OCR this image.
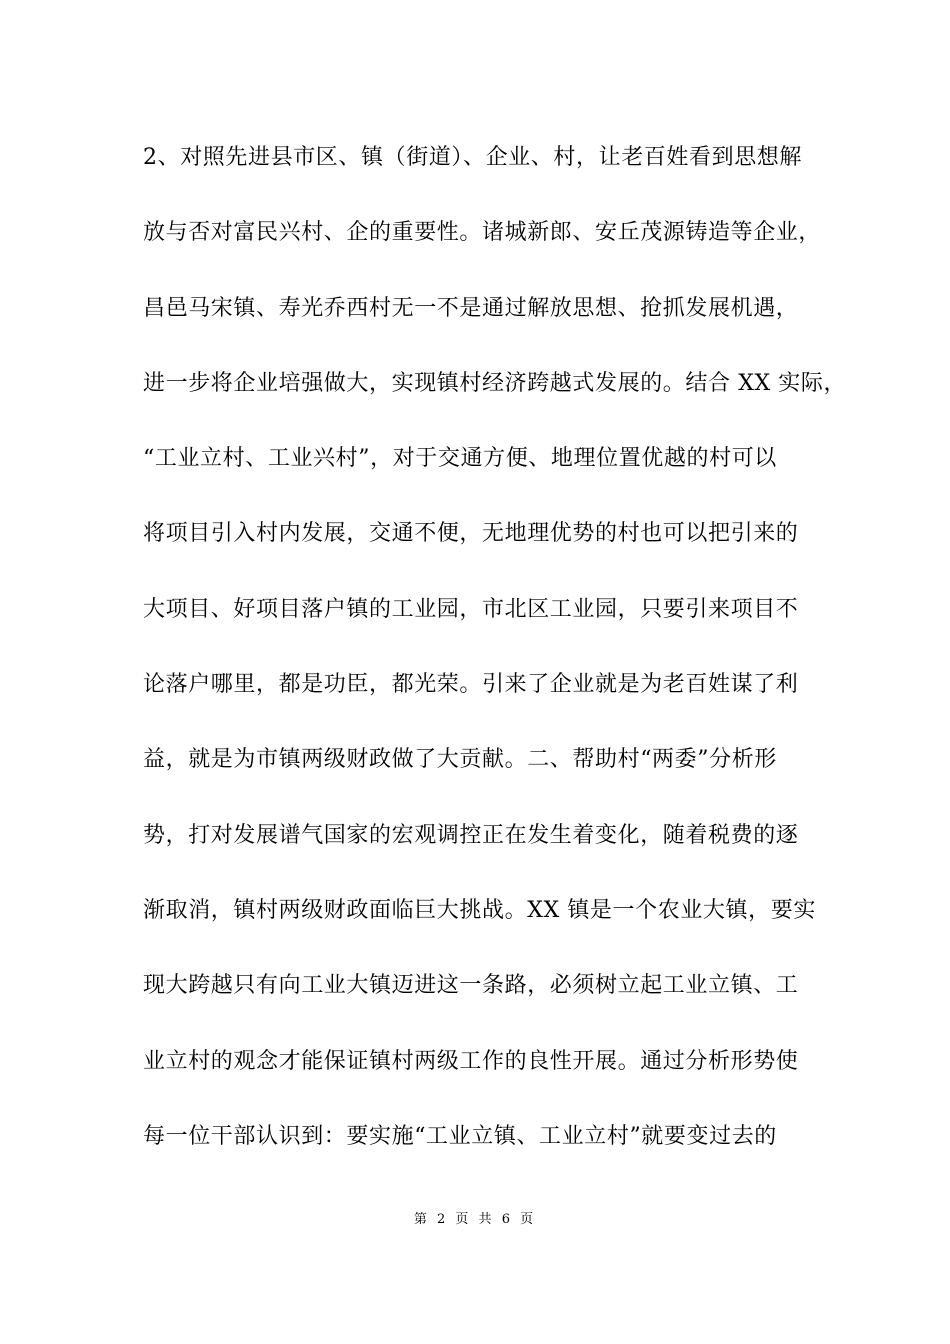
2、对照先进县市区、镇（街道）、企业、村，让老百姓看到思想解
放与否对富民兴村、企的重要性。诸城新郎、安丘茂源铸造等企业，
昌邑马宋镇、寿光乔西村无一不是通过解放思想、抢抓发展机遇，
进一步将企业培强做大，实现镇村经济跨越式发展的。结合 XX 实际，
“工业立村、工业兴村”，对于交通方便、地理位置优越的村可以
将项目引入村内发展，交通不便，无地理优势的村也可以把引来的
大项目、好项目落户镇的工业园，市北区工业园，只要引来项目不
论落户哪里，都是功臣，都光荣。引来了企业就是为老百姓谋了利
益，就是为市镇两级财政做了大贡献。二、帮助村“两委”分析形
势，打对发展谱气国家的宏观调控正在发生着变化，随着税费的逐
渐取消，镇村两级财政面临巨大挑战。XX 镇是一个农业大镇，要实
现大跨越只有向工业大镇迈进这一条路，必须树立起工业立镇、工
业立村的观念才能保证镇村两级工作的良性开展。通过分析形势使
每一位干部认识到：要实施“工业立镇、工业立村”就要变过去的
第 2 页 共 6 页
